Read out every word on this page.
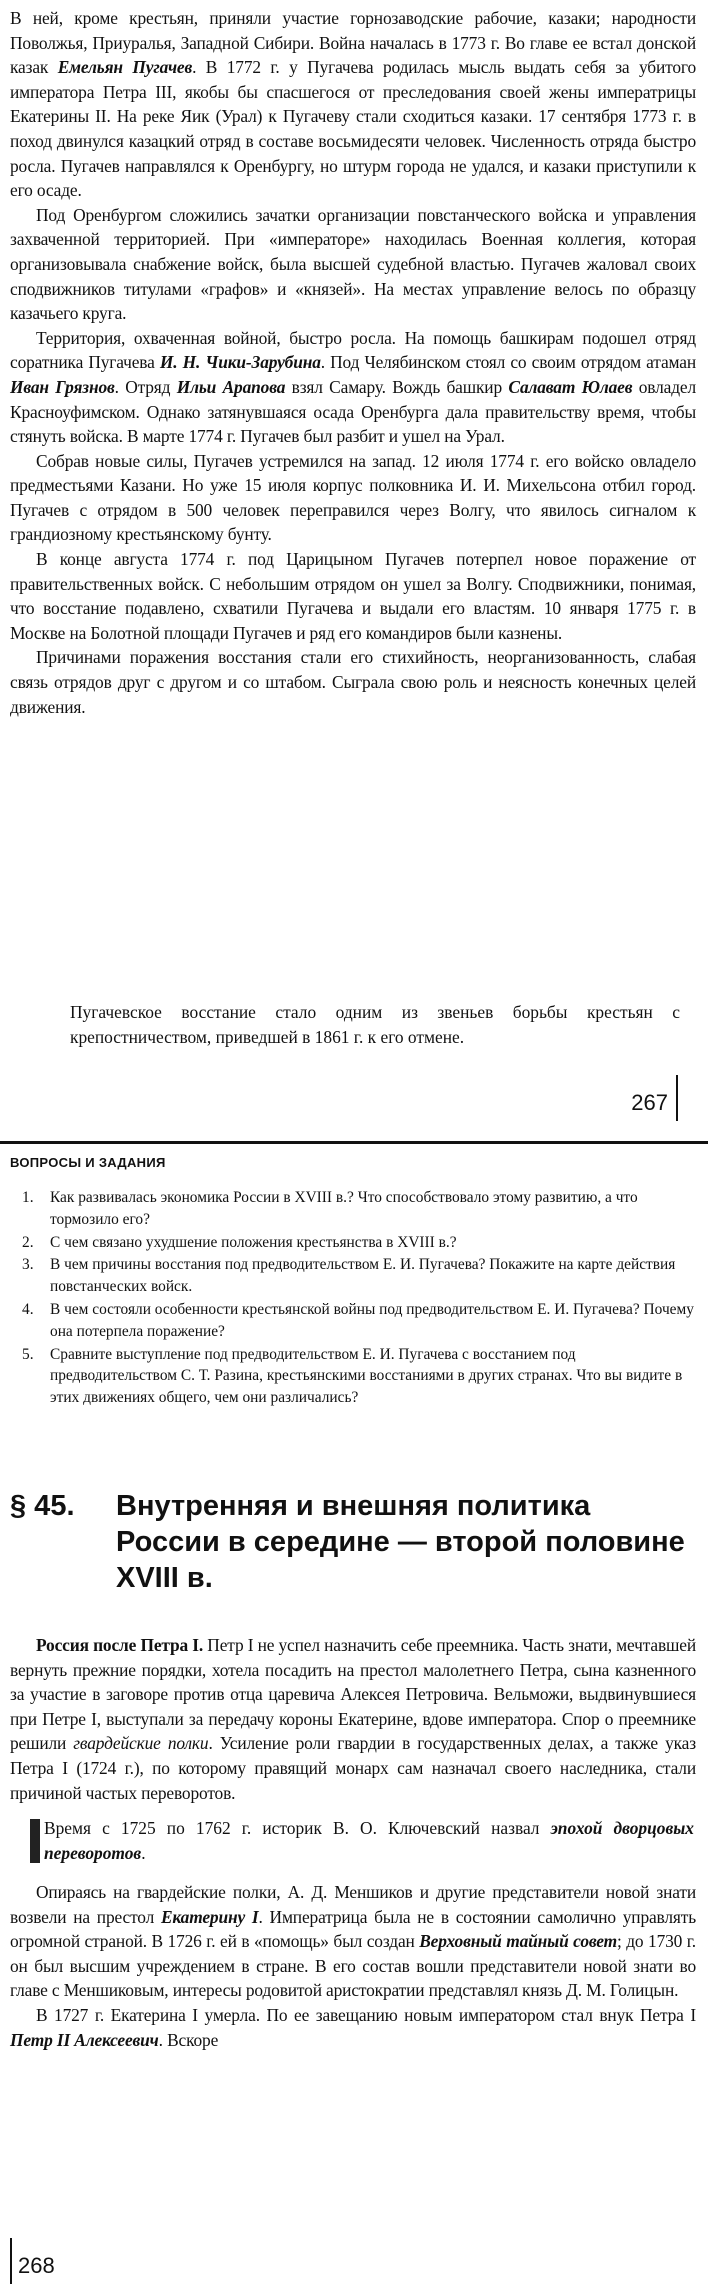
В ней, кроме крестьян, приняли участие горнозаводские рабочие, казаки; народности Поволжья, Приуралья, Западной Сибири. Война началась в 1773 г. Во главе ее встал донской казак Емельян Пугачев. В 1772 г. у Пугачева родилась мысль выдать себя за убитого императора Петра III, якобы бы спасшегося от преследования своей жены императрицы Екатерины II. На реке Яик (Урал) к Пугачеву стали сходиться казаки. 17 сентября 1773 г. в поход двинулся казацкий отряд в составе восьмидесяти человек. Численность отряда быстро росла. Пугачев направлялся к Оренбургу, но штурм города не удался, и казаки приступили к его осаде.

Под Оренбургом сложились зачатки организации повстанческого войска и управления захваченной территорией. При «императоре» находилась Военная коллегия, которая организовывала снабжение войск, была высшей судебной властью. Пугачев жаловал своих сподвижников титулами «графов» и «князей». На местах управление велось по образцу казачьего круга.

Территория, охваченная войной, быстро росла. На помощь башкирам подошел отряд соратника Пугачева И. Н. Чики-Зарубина. Под Челябинском стоял со своим отрядом атаман Иван Грязнов. Отряд Ильи Арапова взял Самару. Вождь башкир Салават Юлаев овладел Красноуфимском. Однако затянувшаяся осада Оренбурга дала правительству время, чтобы стянуть войска. В марте 1774 г. Пугачев был разбит и ушел на Урал.

Собрав новые силы, Пугачев устремился на запад. 12 июля 1774 г. его войско овладело предместьями Казани. Но уже 15 июля корпус полковника И. И. Михельсона отбил город. Пугачев с отрядом в 500 человек переправился через Волгу, что явилось сигналом к грандиозному крестьянскому бунту.

В конце августа 1774 г. под Царицыном Пугачев потерпел новое поражение от правительственных войск. С небольшим отрядом он ушел за Волгу. Сподвижники, понимая, что восстание подавлено, схватили Пугачева и выдали его властям. 10 января 1775 г. в Москве на Болотной площади Пугачев и ряд его командиров были казнены.

Причинами поражения восстания стали его стихийность, неорганизованность, слабая связь отрядов друг с другом и со штабом. Сыграла свою роль и неясность конечных целей движения.

Пугачевское восстание стало одним из звеньев борьбы крестьян с крепостничеством, приведшей в 1861 г. к его отмене.
267
ВОПРОСЫ И ЗАДАНИЯ
1. Как развивалась экономика России в XVIII в.? Что способствовало этому развитию, а что тормозило его?
2. С чем связано ухудшение положения крестьянства в XVIII в.?
3. В чем причины восстания под предводительством Е. И. Пугачева? Покажите на карте действия повстанческих войск.
4. В чем состояли особенности крестьянской войны под предводительством Е. И. Пугачева? Почему она потерпела поражение?
5. Сравните выступление под предводительством Е. И. Пугачева с восстанием под предводительством С. Т. Разина, крестьянскими восстаниями в других странах. Что вы видите в этих движениях общего, чем они различались?
§ 45. Внутренняя и внешняя политика
России в середине — второй половине
XVIII в.

Россия после Петра I. Петр I не успел назначить себе преемника. Часть знати, мечтавшей вернуть прежние порядки, хотела посадить на престол малолетнего Петра, сына казненного за участие в заговоре против отца царевича Алексея Петровича. Вельможи, выдвинувшиеся при Петре I, выступали за передачу короны Екатерине, вдове императора. Спор о преемнике решили гвардейские полки. Усиление роли гвардии в государственных делах, а также указ Петра I (1724 г.), по которому правящий монарх сам назначал своего наследника, стали причиной частых переворотов.

Время с 1725 по 1762 г. историк В. О. Ключевский назвал эпохой дворцовых переворотов.

Опираясь на гвардейские полки, А. Д. Меншиков и другие представители новой знати возвели на престол Екатерину I. Императрица была не в состоянии самолично управлять огромной страной. В 1726 г. ей в «помощь» был создан Верховный тайный совет; до 1730 г. он был высшим учреждением в стране. В его состав вошли представители новой знати во главе с Меншиковым, интересы родовитой аристократии представлял князь Д. М. Голицын.

В 1727 г. Екатерина I умерла. По ее завещанию новым императором стал внук Петра I Петр II Алексеевич. Вскоре

268
